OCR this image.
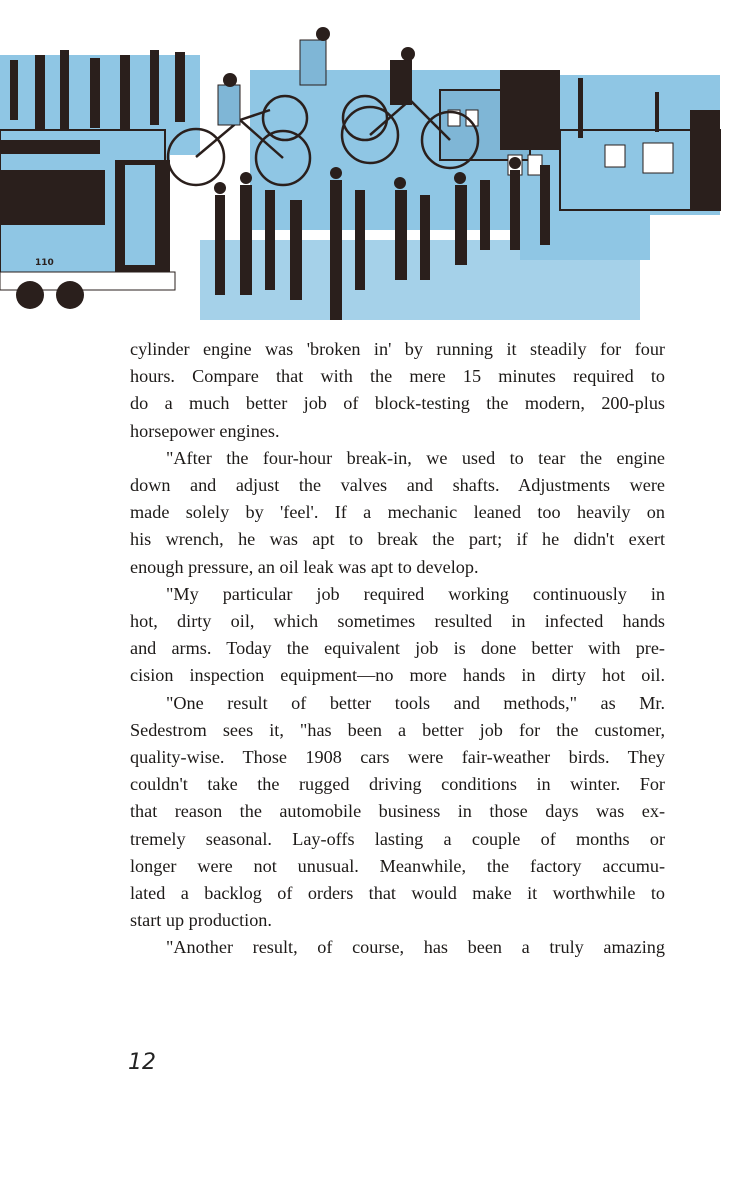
110
cylinder engine was 'broken in' by running it steadily for four
hours. Compare that with the mere 15 minutes required to
do a much better job of block-testing the modern, 200-plus
horsepower engines.
"After the four-hour break-in, we used to tear the engine
down and adjust the valves and shafts. Adjustments were
made solely by 'feel'. If a mechanic leaned too heavily on
his wrench, he was apt to break the part; if he didn't exert
enough pressure, an oil leak was apt to develop.
"My particular job required working continuously in
hot, dirty oil, which sometimes resulted in infected hands
and arms. Today the equivalent job is done better with pre-
cision inspection equipment—no more hands in dirty hot oil.
"One result of better tools and methods," as Mr.
Sedestrom sees it, "has been a better job for the customer,
quality-wise. Those 1908 cars were fair-weather birds. They
couldn't take the rugged driving conditions in winter. For
that reason the automobile business in those days was ex-
tremely seasonal. Lay-offs lasting a couple of months or
longer were not unusual. Meanwhile, the factory accumu-
lated a backlog of orders that would make it worthwhile to
start up production.
"Another result, of course, has been a truly amazing
12
